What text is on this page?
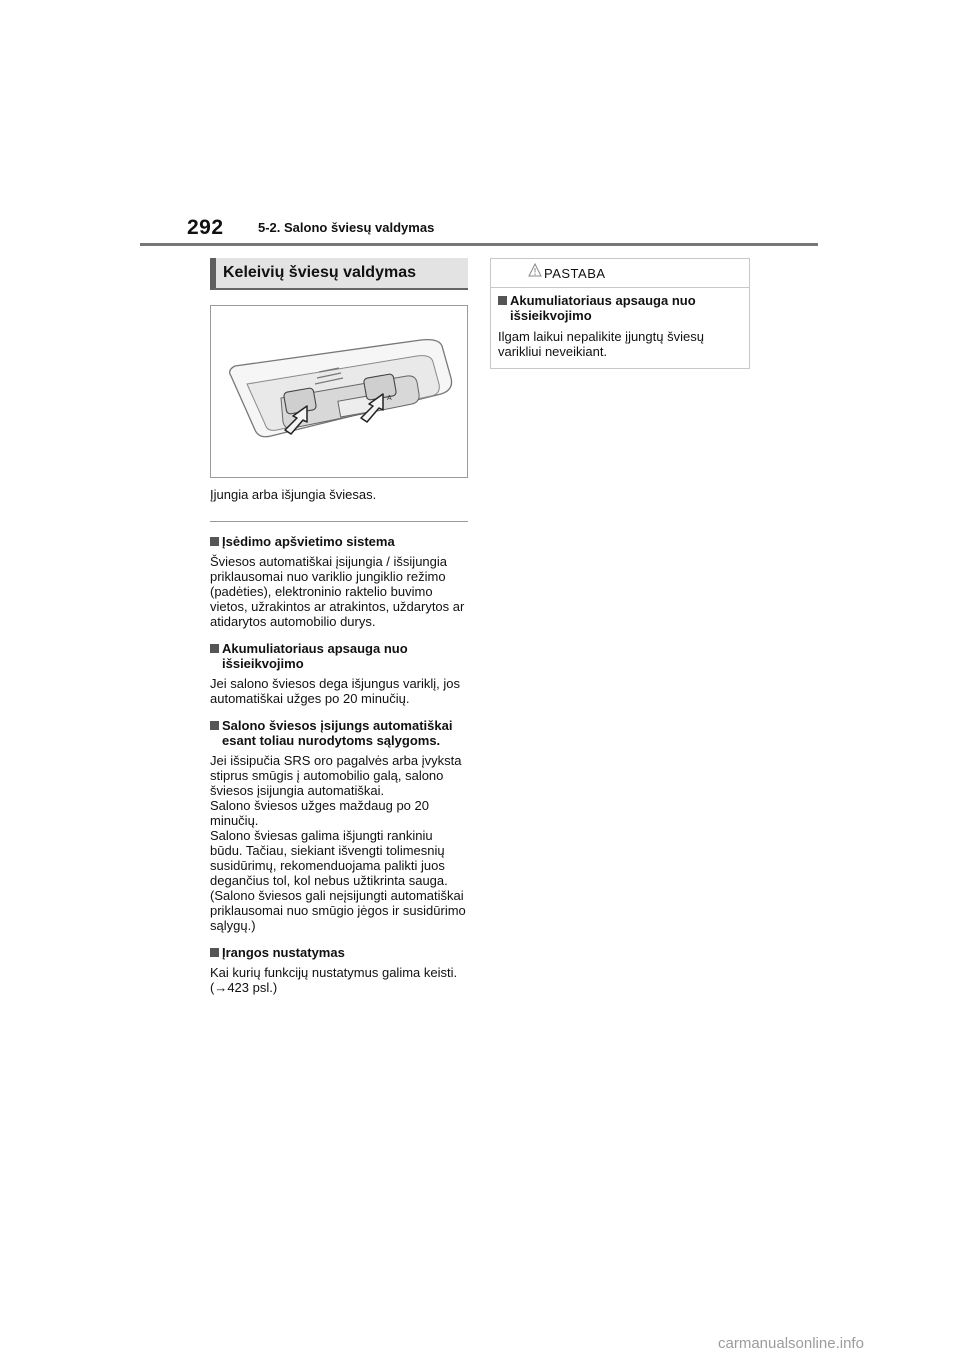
292	5-2. Salono šviesų valdymas
Keleivių šviesų valdymas
A
Įjungia arba išjungia šviesas.
Įsėdimo apšvietimo sistema
Šviesos automatiškai įsijungia / išsijungia priklausomai nuo variklio jungiklio režimo (padėties), elektroninio raktelio buvimo vietos, užrakintos ar atrakintos, uždarytos ar atidarytos automobilio durys.
Akumuliatoriaus apsauga nuo išsieikvojimo
Jei salono šviesos dega išjungus variklį, jos automatiškai užges po 20 minučių.
Salono šviesos įsijungs automatiškai esant toliau nurodytoms sąlygoms.
Jei išsipučia SRS oro pagalvės arba įvyksta stiprus smūgis į automobilio galą, salono šviesos įsijungia automatiškai.
Salono šviesos užges maždaug po 20 minučių.
Salono šviesas galima išjungti rankiniu būdu. Tačiau, siekiant išvengti tolimesnių susidūrimų, rekomenduojama palikti juos degančius tol, kol nebus užtikrinta sauga.
(Salono šviesos gali neįsijungti automatiškai priklausomai nuo smūgio jėgos ir susidūrimo sąlygų.)
Įrangos nustatymas
Kai kurių funkcijų nustatymus galima keisti. (→423 psl.)
PASTABA
Akumuliatoriaus apsauga nuo išsieikvojimo
Ilgam laikui nepalikite įjungtų šviesų varikliui neveikiant.
carmanualsonline.info
